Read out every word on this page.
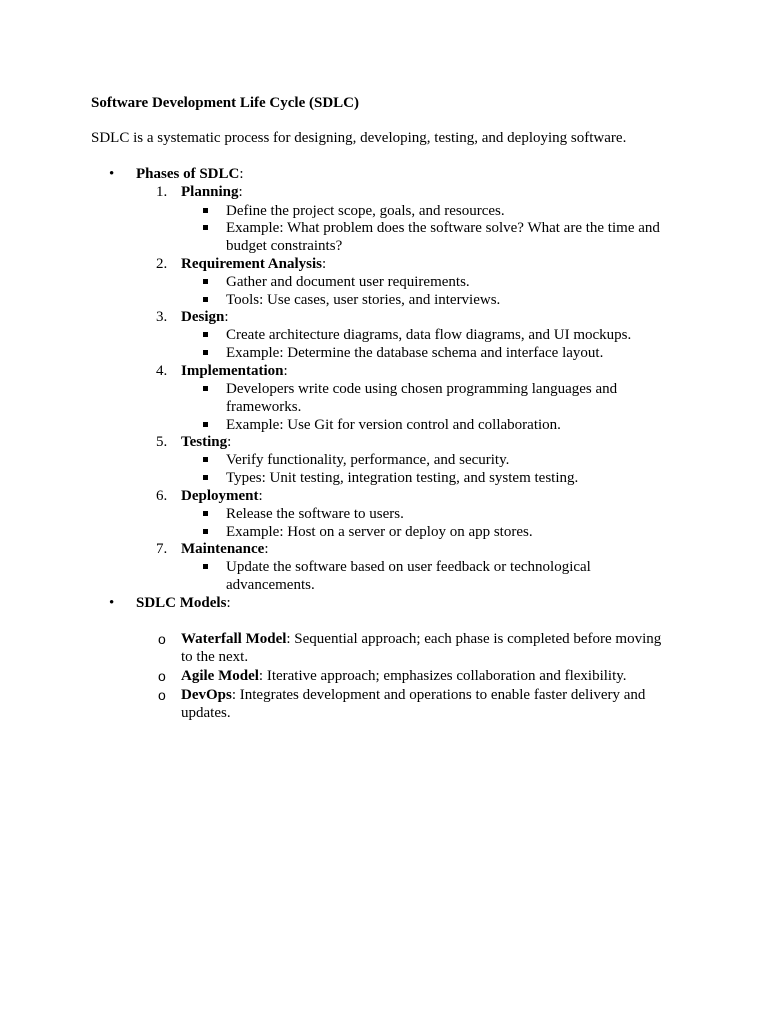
Software Development Life Cycle (SDLC)
SDLC is a systematic process for designing, developing, testing, and deploying software.
• Phases of SDLC:
1. Planning:
Define the project scope, goals, and resources.
Example: What problem does the software solve? What are the time and budget constraints?
2. Requirement Analysis:
Gather and document user requirements.
Tools: Use cases, user stories, and interviews.
3. Design:
Create architecture diagrams, data flow diagrams, and UI mockups.
Example: Determine the database schema and interface layout.
4. Implementation:
Developers write code using chosen programming languages and frameworks.
Example: Use Git for version control and collaboration.
5. Testing:
Verify functionality, performance, and security.
Types: Unit testing, integration testing, and system testing.
6. Deployment:
Release the software to users.
Example: Host on a server or deploy on app stores.
7. Maintenance:
Update the software based on user feedback or technological advancements.
• SDLC Models:
o Waterfall Model: Sequential approach; each phase is completed before moving to the next.
o Agile Model: Iterative approach; emphasizes collaboration and flexibility.
o DevOps: Integrates development and operations to enable faster delivery and updates.
